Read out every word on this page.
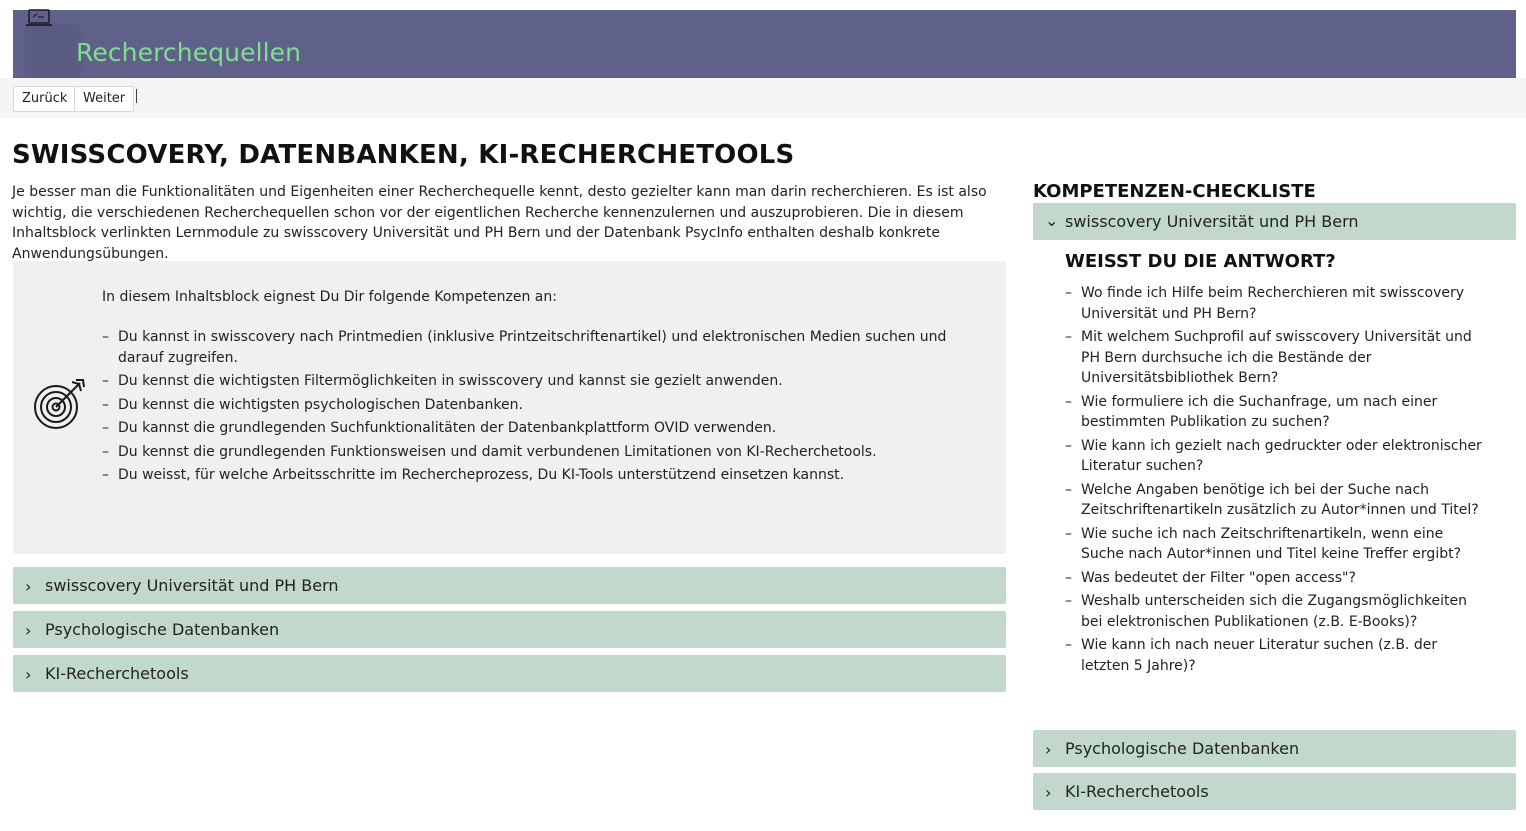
Recherchequellen
Zurück	Weiter
SWISSCOVERY, DATENBANKEN, KI-RECHERCHETOOLS

Je besser man die Funktionalitäten und Eigenheiten einer Recherchequelle kennt, desto gezielter kann man darin recherchieren. Es ist also wichtig, die verschiedenen Recherchequellen schon vor der eigentlichen Recherche kennenzulernen und auszuprobieren. Die in diesem Inhaltsblock verlinkten Lernmodule zu swisscovery Universität und PH Bern und der Datenbank PsycInfo enthalten deshalb konkrete Anwendungsübungen.

In diesem Inhaltsblock eignest Du Dir folgende Kompetenzen an:

– Du kannst in swisscovery nach Printmedien (inklusive Printzeitschriftenartikel) und elektronischen Medien suchen und darauf zugreifen.
– Du kennst die wichtigsten Filtermöglichkeiten in swisscovery und kannst sie gezielt anwenden.
– Du kennst die wichtigsten psychologischen Datenbanken.
– Du kannst die grundlegenden Suchfunktionalitäten der Datenbankplattform OVID verwenden.
– Du kennst die grundlegenden Funktionsweisen und damit verbundenen Limitationen von KI-Recherchetools.
– Du weisst, für welche Arbeitsschritte im Rechercheprozess, Du KI-Tools unterstützend einsetzen kannst.
› swisscovery Universität und PH Bern
› Psychologische Datenbanken
› KI-Recherchetools
KOMPETENZEN-CHECKLISTE
⌄ swisscovery Universität und PH Bern
WEISST DU DIE ANTWORT?
– Wo finde ich Hilfe beim Recherchieren mit swisscovery Universität und PH Bern?
– Mit welchem Suchprofil auf swisscovery Universität und PH Bern durchsuche ich die Bestände der Universitätsbibliothek Bern?
– Wie formuliere ich die Suchanfrage, um nach einer bestimmten Publikation zu suchen?
– Wie kann ich gezielt nach gedruckter oder elektronischer Literatur suchen?
– Welche Angaben benötige ich bei der Suche nach Zeitschriftenartikeln zusätzlich zu Autor*innen und Titel?
– Wie suche ich nach Zeitschriftenartikeln, wenn eine Suche nach Autor*innen und Titel keine Treffer ergibt?
– Was bedeutet der Filter "open access"?
– Weshalb unterscheiden sich die Zugangsmöglichkeiten bei elektronischen Publikationen (z.B. E-Books)?
– Wie kann ich nach neuer Literatur suchen (z.B. der letzten 5 Jahre)?
› Psychologische Datenbanken
› KI-Recherchetools
